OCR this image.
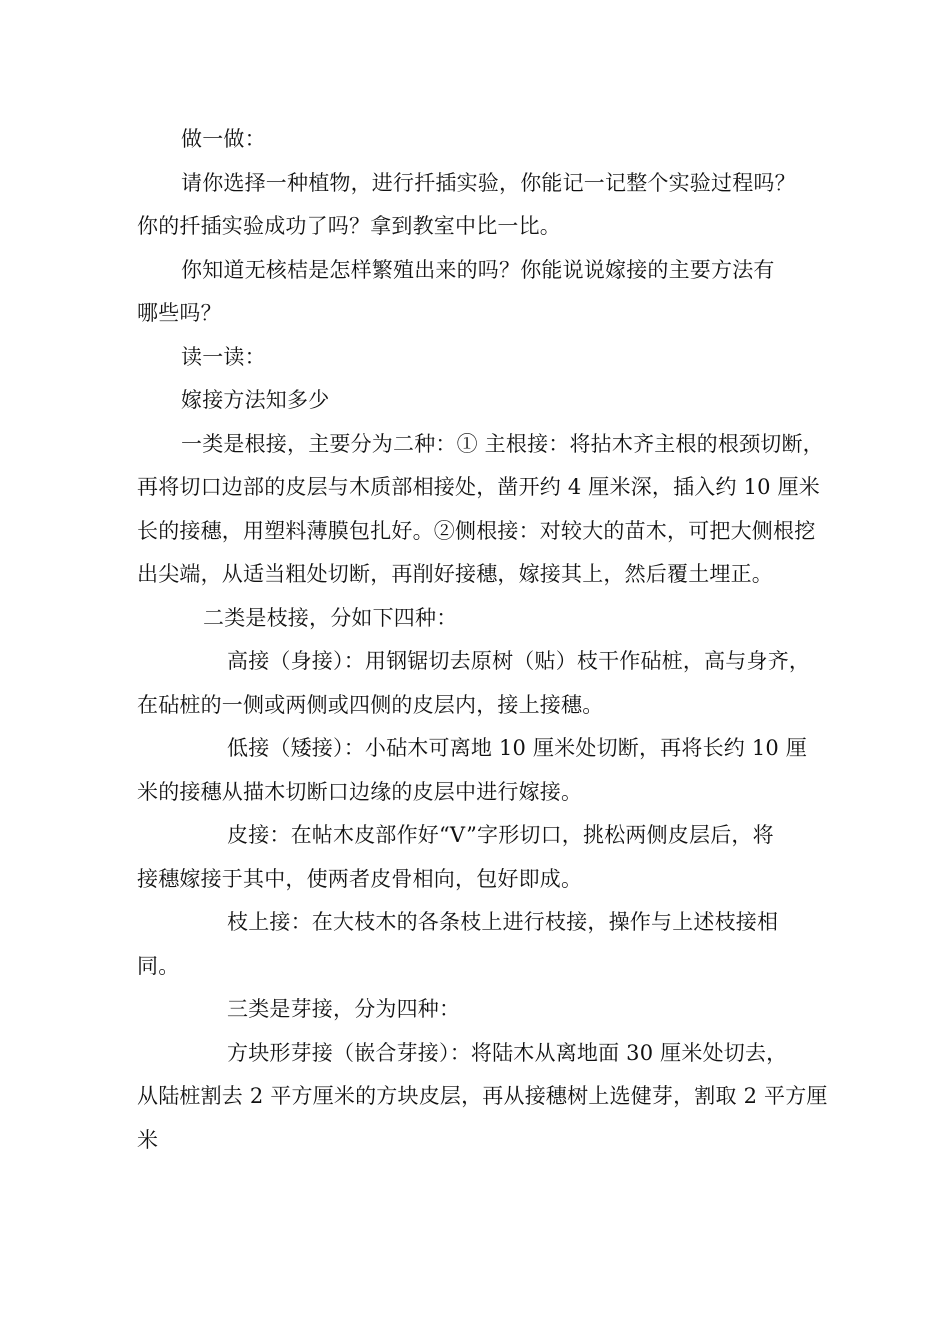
做一做：

请你选择一种植物，进行扦插实验，你能记一记整个实验过程吗？

你的扦插实验成功了吗？拿到教室中比一比。

你知道无核桔是怎样繁殖出来的吗？你能说说嫁接的主要方法有

哪些吗？

读一读：

嫁接方法知多少

一类是根接，主要分为二种：① 主根接：将拈木齐主根的根颈切断，

再将切口边部的皮层与木质部相接处，凿开约 4 厘米深，插入约 10 厘米

长的接穗，用塑料薄膜包扎好。②侧根接：对较大的苗木，可把大侧根挖

出尖端，从适当粗处切断，再削好接穗，嫁接其上，然后覆土埋正。

二类是枝接，分如下四种：

高接（身接）：用钢锯切去原树（贴）枝干作砧桩，高与身齐，

在砧桩的一侧或两侧或四侧的皮层内，接上接穗。

低接（矮接）：小砧木可离地 10 厘米处切断，再将长约 10 厘

米的接穗从描木切断口边缘的皮层中进行嫁接。

皮接：在帖木皮部作好“V”字形切口，挑松两侧皮层后，将

接穗嫁接于其中，使两者皮骨相向，包好即成。

枝上接：在大枝木的各条枝上进行枝接，操作与上述枝接相

同。

三类是芽接，分为四种：

方块形芽接（嵌合芽接）：将陆木从离地面 30 厘米处切去，

从陆桩割去 2 平方厘米的方块皮层，再从接穗树上选健芽，割取 2 平方厘

米
